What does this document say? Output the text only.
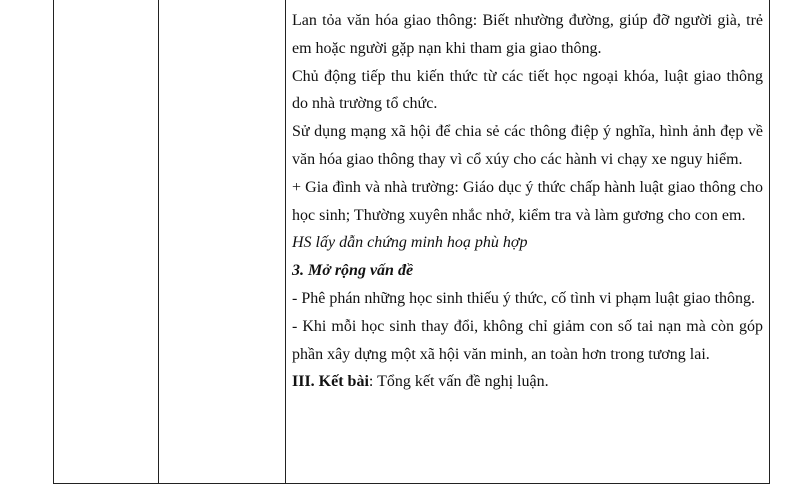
Lan tỏa văn hóa giao thông: Biết nhường đường, giúp đỡ người già, trẻ em hoặc người gặp nạn khi tham gia giao thông.

Chủ động tiếp thu kiến thức từ các tiết học ngoại khóa, luật giao thông do nhà trường tổ chức.

Sử dụng mạng xã hội để chia sẻ các thông điệp ý nghĩa, hình ảnh đẹp về văn hóa giao thông thay vì cổ xúy cho các hành vi chạy xe nguy hiểm.

+ Gia đình và nhà trường: Giáo dục ý thức chấp hành luật giao thông cho học sinh; Thường xuyên nhắc nhở, kiểm tra và làm gương cho con em.

HS lấy dẫn chứng minh hoạ phù hợp

3. Mở rộng vấn đề

- Phê phán những học sinh thiếu ý thức, cố tình vi phạm luật giao thông.

- Khi mỗi học sinh thay đổi, không chỉ giảm con số tai nạn mà còn góp phần xây dựng một xã hội văn minh, an toàn hơn trong tương lai.

III. Kết bài: Tổng kết vấn đề nghị luận.
